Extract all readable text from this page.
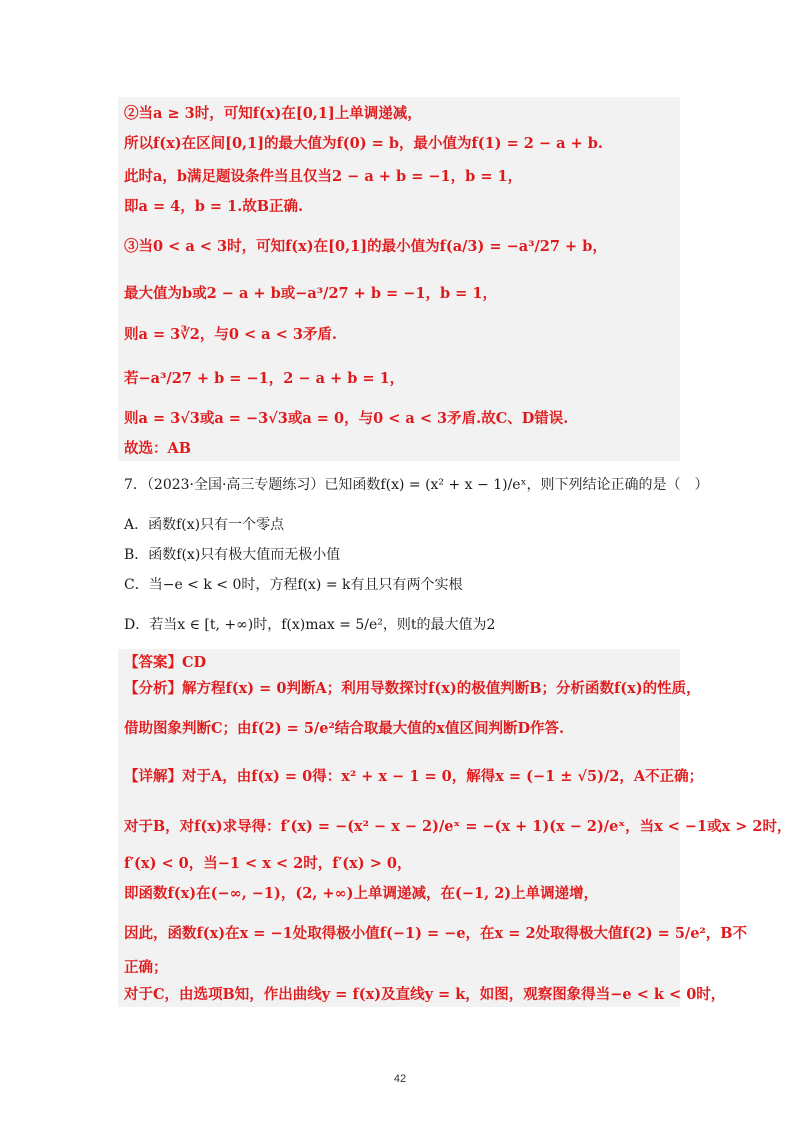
②当a ≥ 3时，可知f(x)在[0,1]上单调递减，
所以f(x)在区间[0,1]的最大值为f(0) = b，最小值为f(1) = 2 − a + b.
此时a，b满足题设条件当且仅当2 − a + b = −1，b = 1，
即a = 4，b = 1.故B正确.
③当0 < a < 3时，可知f(x)在[0,1]的最小值为f(a/3) = −a³/27 + b，
最大值为b或2 − a + b或−a³/27 + b = −1，b = 1，
则a = 3∛2，与0 < a < 3矛盾.
若−a³/27 + b = −1，2 − a + b = 1，
则a = 3√3或a = −3√3或a = 0，与0 < a < 3矛盾.故C、D错误.
故选：AB
7．（2023·全国·高三专题练习）已知函数f(x) = (x² + x − 1)/eˣ，则下列结论正确的是（　）
A．函数f(x)只有一个零点
B．函数f(x)只有极大值而无极小值
C．当−e < k < 0时，方程f(x) = k有且只有两个实根
D．若当x ∈ [t, +∞)时，f(x)max = 5/e²，则t的最大值为2
【答案】CD
【分析】解方程f(x) = 0判断A；利用导数探讨f(x)的极值判断B；分析函数f(x)的性质，
借助图象判断C；由f(2) = 5/e²结合取最大值的x值区间判断D作答.
【详解】对于A，由f(x) = 0得：x² + x − 1 = 0，解得x = (−1 ± √5)/2，A不正确；
对于B，对f(x)求导得：f′(x) = −(x² − x − 2)/eˣ = −(x + 1)(x − 2)/eˣ，当x < −1或x > 2时，
f′(x) < 0，当−1 < x < 2时，f′(x) > 0，
即函数f(x)在(−∞, −1)，(2, +∞)上单调递减，在(−1, 2)上单调递增，
因此，函数f(x)在x = −1处取得极小值f(−1) = −e，在x = 2处取得极大值f(2) = 5/e²，B不
正确；
对于C，由选项B知，作出曲线y = f(x)及直线y = k，如图，观察图象得当−e < k < 0时，
42
